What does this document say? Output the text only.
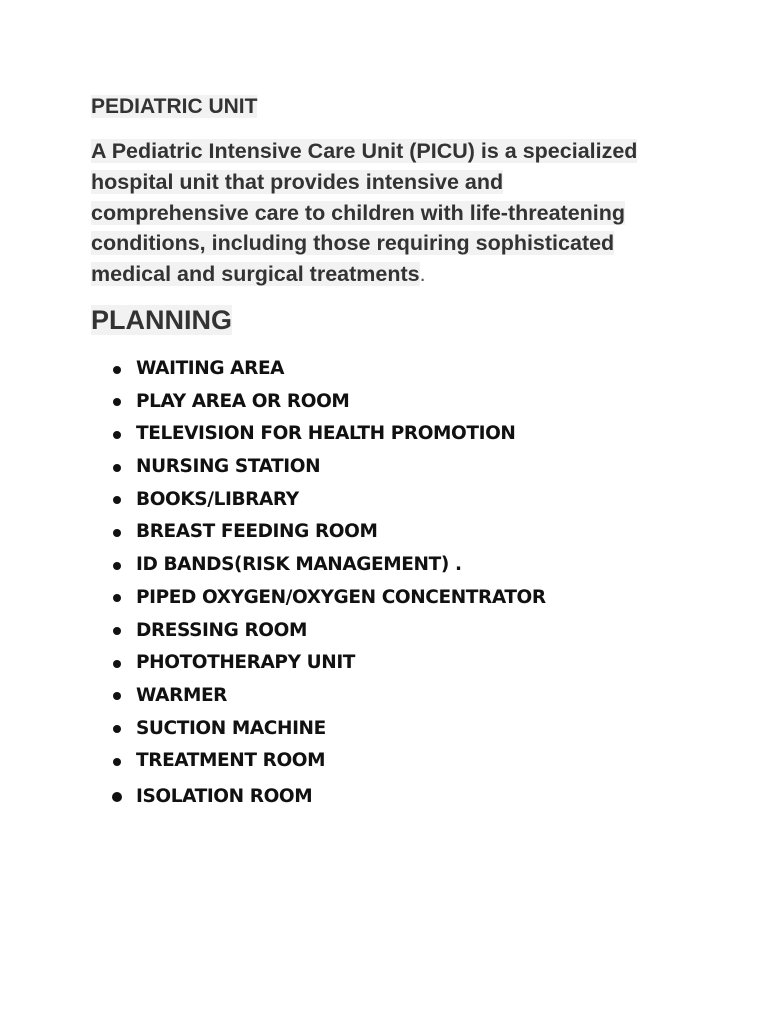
PEDIATRIC UNIT

A Pediatric Intensive Care Unit (PICU) is a specialized
hospital unit that provides intensive and
comprehensive care to children with life-threatening
conditions, including those requiring sophisticated
medical and surgical treatments.

PLANNING
WAITING AREA
PLAY AREA OR ROOM
TELEVISION FOR HEALTH PROMOTION
NURSING STATION
BOOKS/LIBRARY
BREAST FEEDING ROOM
ID BANDS(RISK MANAGEMENT) .
PIPED OXYGEN/OXYGEN CONCENTRATOR
DRESSING ROOM
PHOTOTHERAPY UNIT
WARMER
SUCTION MACHINE
TREATMENT ROOM
ISOLATION ROOM
